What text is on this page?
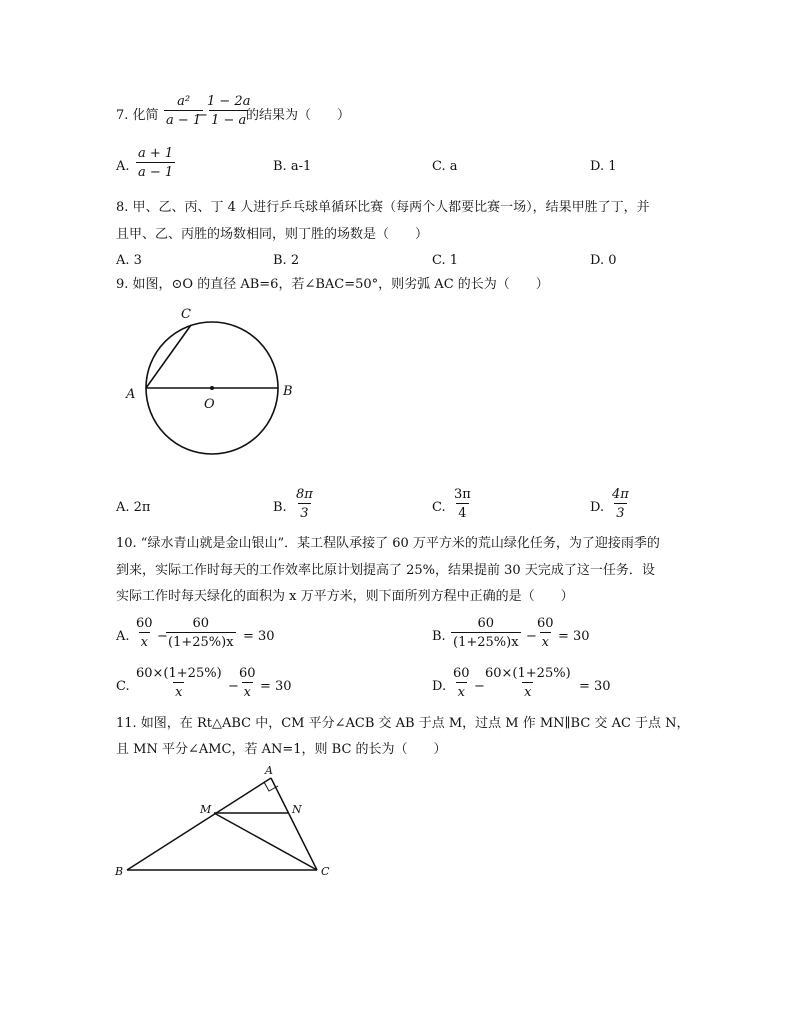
7. 化简 $\frac{\text{a²}}{a - 1}$
−
$\frac{1 - 2a}{1 - a}$
的结果为（　　）
A. $\frac{a + 1}{a - 1}$	B. a-1	C. a	D. 1
8. 甲、乙、丙、丁 4 人进行乒乓球单循环比赛（每两个人都要比赛一场），结果甲胜了丁，并
且甲、乙、丙胜的场数相同，则丁胜的场数是（　　）
A. 3	B. 2	C. 1	D. 0
9. 如图，⊙O 的直径 AB=6，若∠BAC=50°，则劣弧 AC 的长为（　　）
C
A
O
B
A. 2π	B. $\frac{8\pi}{3}$	C. $\frac{3\pi}{4}$	D. $\frac{4\pi}{3}$
10. “绿水青山就是金山银山”．某工程队承接了 60 万平方米的荒山绿化任务，为了迎接雨季的
到来，实际工作时每天的工作效率比原计划提高了 25%，结果提前 30 天完成了这一任务．设
实际工作时每天绿化的面积为 x 万平方米，则下面所列方程中正确的是（　　）
A. $\frac{60}{x}$ −
$\frac{60}{(1+25\%)x} = 30$	B. $\frac{60}{(1+25\%)x}$ −
$\frac{60}{x} = 30$
C. $\frac{60\times(1+25\%)}{x}$ −
$\frac{60}{x} = 30$	D. $\frac{60}{x}$ −
$\frac{60\times(1+25\%)}{x} = 30$
11. 如图，在 Rt△ABC 中，CM 平分∠ACB 交 AB 于点 M，过点 M 作 MN∥BC 交 AC 于点 N，
且 MN 平分∠AMC，若 AN=1，则 BC 的长为（　　）
A
M	N
B	C
